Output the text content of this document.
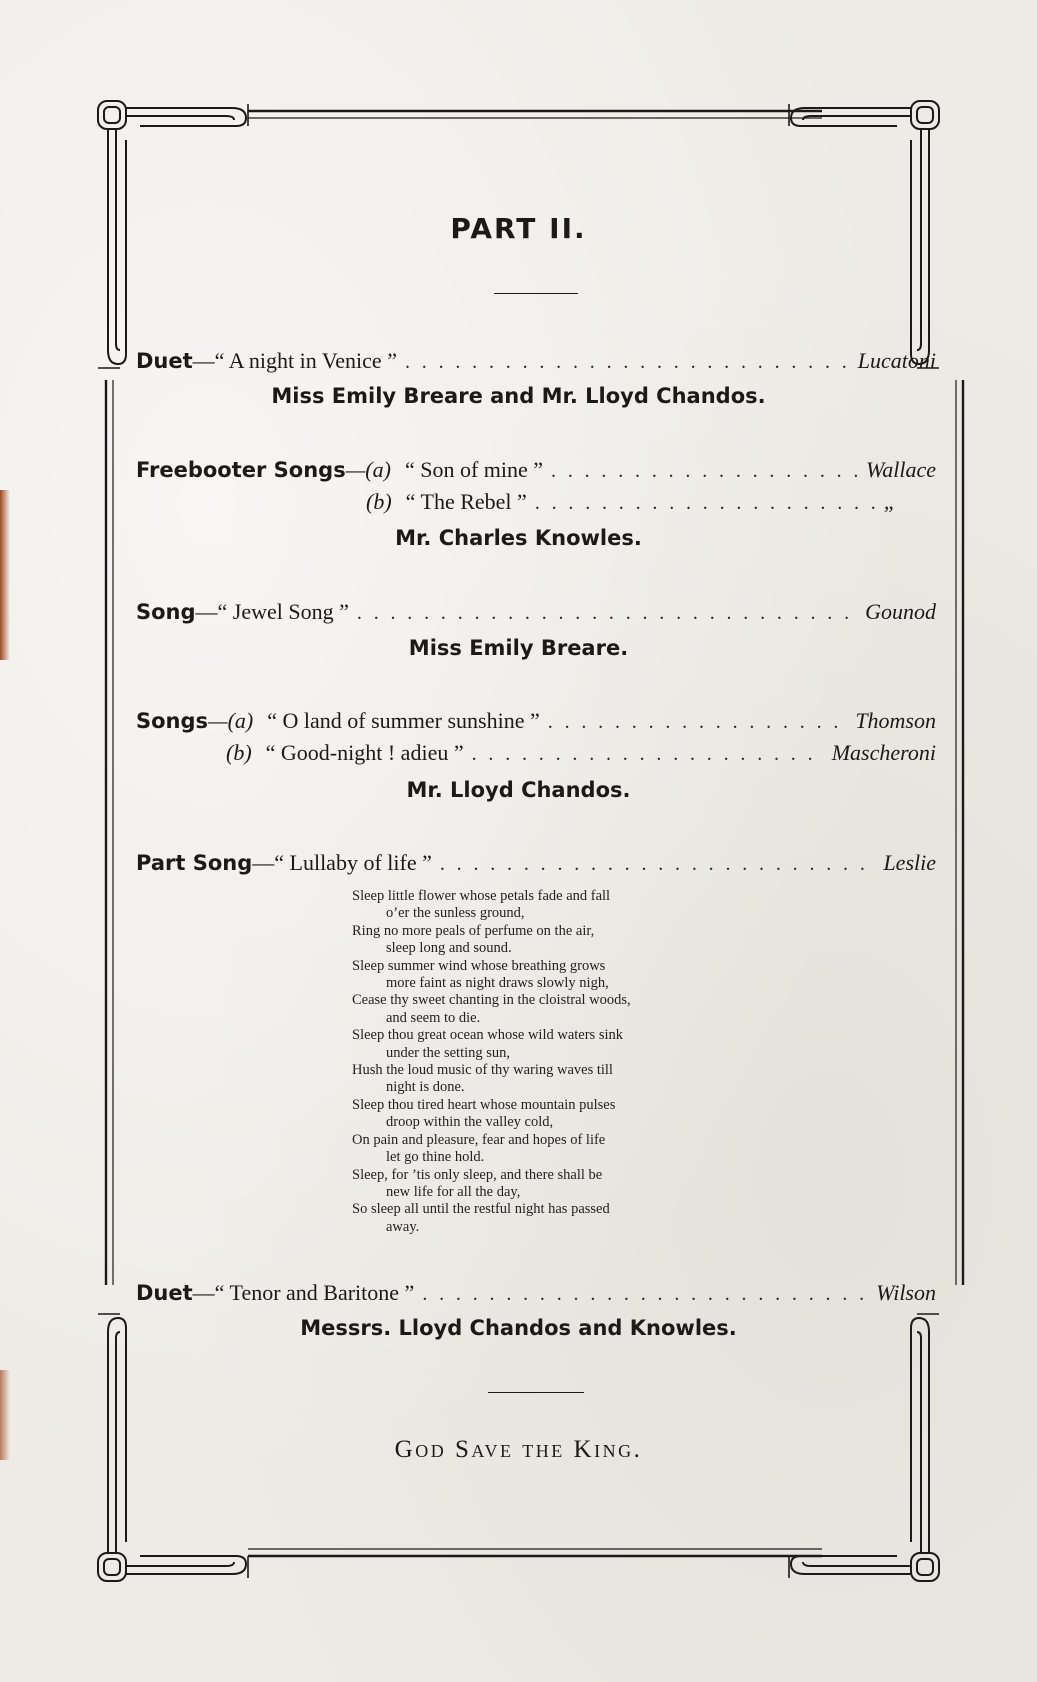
PART II.
Duet —“ A night in Venice ” . . .	Lucatoni
Miss Emily Breare and Mr. Lloyd Chandos.
Freebooter Songs —(a) “ Son of mine ” . . .	Wallace
(b) “ The Rebel ” . . .	„
Mr. Charles Knowles.
Song —“ Jewel Song ” . . .	Gounod
Miss Emily Breare.
Songs —(a) “ O land of summer sunshine ” . . .	Thomson
(b) “ Good-night ! adieu ” . . .	Mascheroni
Mr. Lloyd Chandos.
Part Song —“ Lullaby of life ” . . .	Leslie

Sleep little flower whose petals fade and fall

o’er the sunless ground,

Ring no more peals of perfume on the air,

sleep long and sound.

Sleep summer wind whose breathing grows

more faint as night draws slowly nigh,

Cease thy sweet chanting in the cloistral woods,

and seem to die.

Sleep thou great ocean whose wild waters sink

under the setting sun,

Hush the loud music of thy waring waves till

night is done.

Sleep thou tired heart whose mountain pulses

droop within the valley cold,

On pain and pleasure, fear and hopes of life

let go thine hold.

Sleep, for ’tis only sleep, and there shall be

new life for all the day,

So sleep all until the restful night has passed

away.

Duet —“ Tenor and Baritone ” . . .	Wilson
Messrs. Lloyd Chandos and Knowles.
God Save the King.
